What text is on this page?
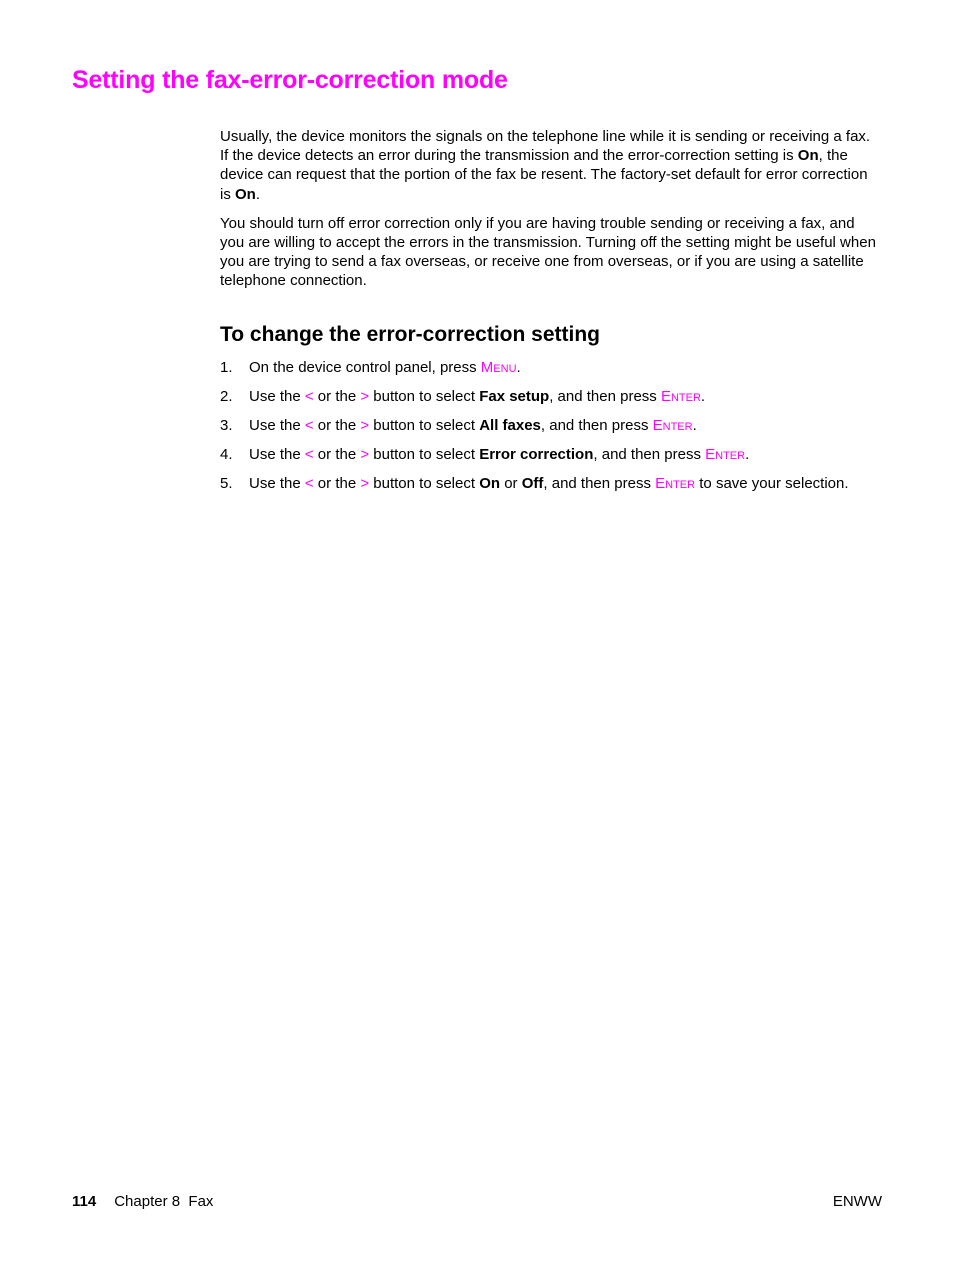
Setting the fax-error-correction mode

Usually, the device monitors the signals on the telephone line while it is sending or receiving a fax. If the device detects an error during the transmission and the error-correction setting is On, the device can request that the portion of the fax be resent. The factory-set default for error correction is On.

You should turn off error correction only if you are having trouble sending or receiving a fax, and you are willing to accept the errors in the transmission. Turning off the setting might be useful when you are trying to send a fax overseas, or receive one from overseas, or if you are using a satellite telephone connection.

To change the error-correction setting
1. On the device control panel, press Menu.
2. Use the < or the > button to select Fax setup, and then press Enter.
3. Use the < or the > button to select All faxes, and then press Enter.
4. Use the < or the > button to select Error correction, and then press Enter.
5. Use the < or the > button to select On or Off, and then press Enter to save your selection.
114 Chapter 8  Fax	ENWW
